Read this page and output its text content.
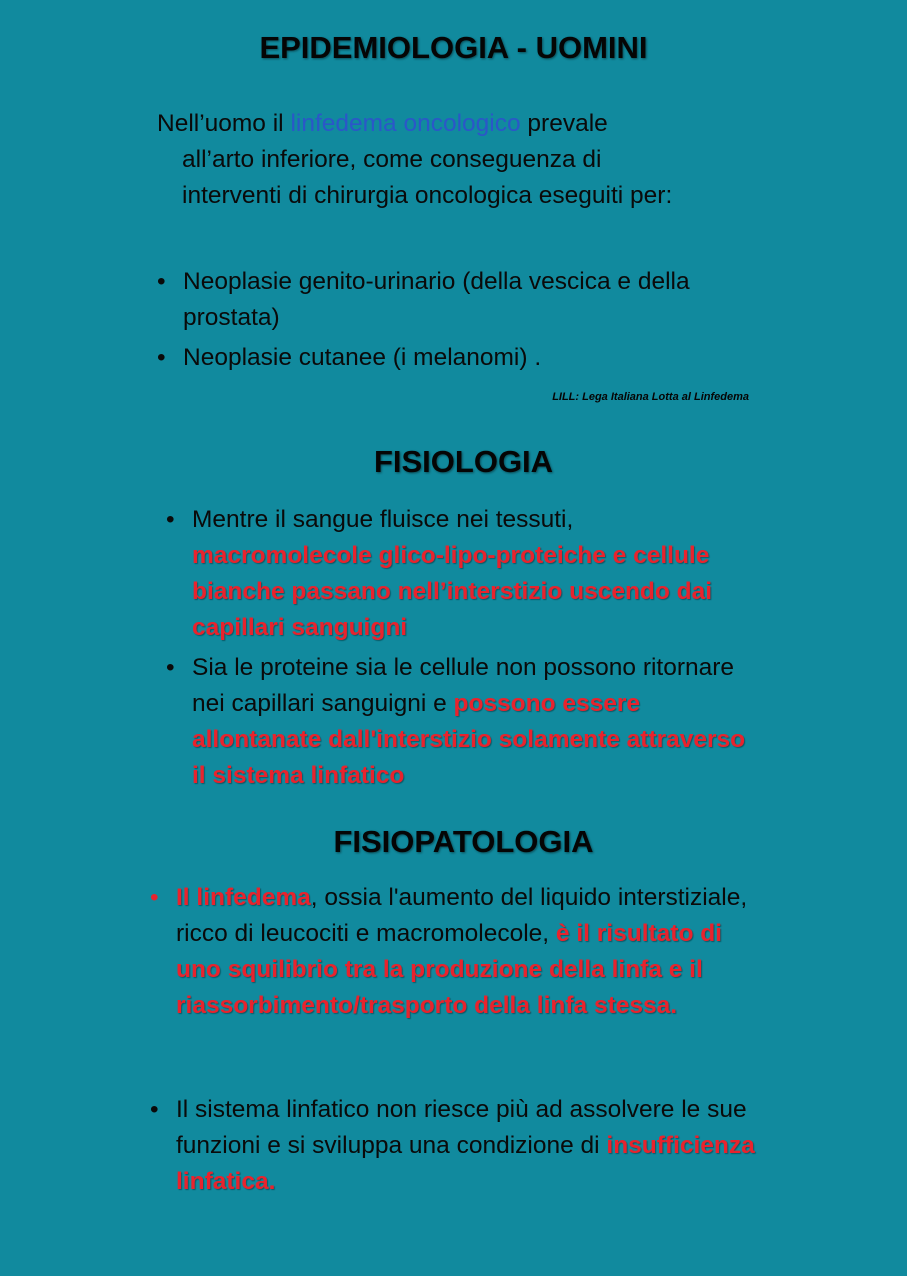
EPIDEMIOLOGIA - UOMINI
Nell’uomo il linfedema oncologico prevale
all’arto inferiore, come conseguenza di
interventi di chirurgia oncologica eseguiti per:
• Neoplasie genito-urinario (della vescica e della prostata)
• Neoplasie cutanee (i melanomi) .
LILL: Lega Italiana Lotta al Linfedema
FISIOLOGIA
• Mentre il sangue fluisce nei tessuti, macromolecole glico-lipo-proteiche e cellule bianche passano nell’interstizio uscendo dai capillari sanguigni
• Sia le proteine sia le cellule non possono ritornare nei capillari sanguigni e possono essere allontanate dall'interstizio solamente attraverso il sistema linfatico
FISIOPATOLOGIA
• Il linfedema, ossia l'aumento del liquido interstiziale, ricco di leucociti e macromolecole, è il risultato di uno squilibrio tra la produzione della linfa e il riassorbimento/trasporto della linfa stessa.
• Il sistema linfatico non riesce più ad assolvere le sue funzioni e si sviluppa una condizione di insufficienza linfatica.
